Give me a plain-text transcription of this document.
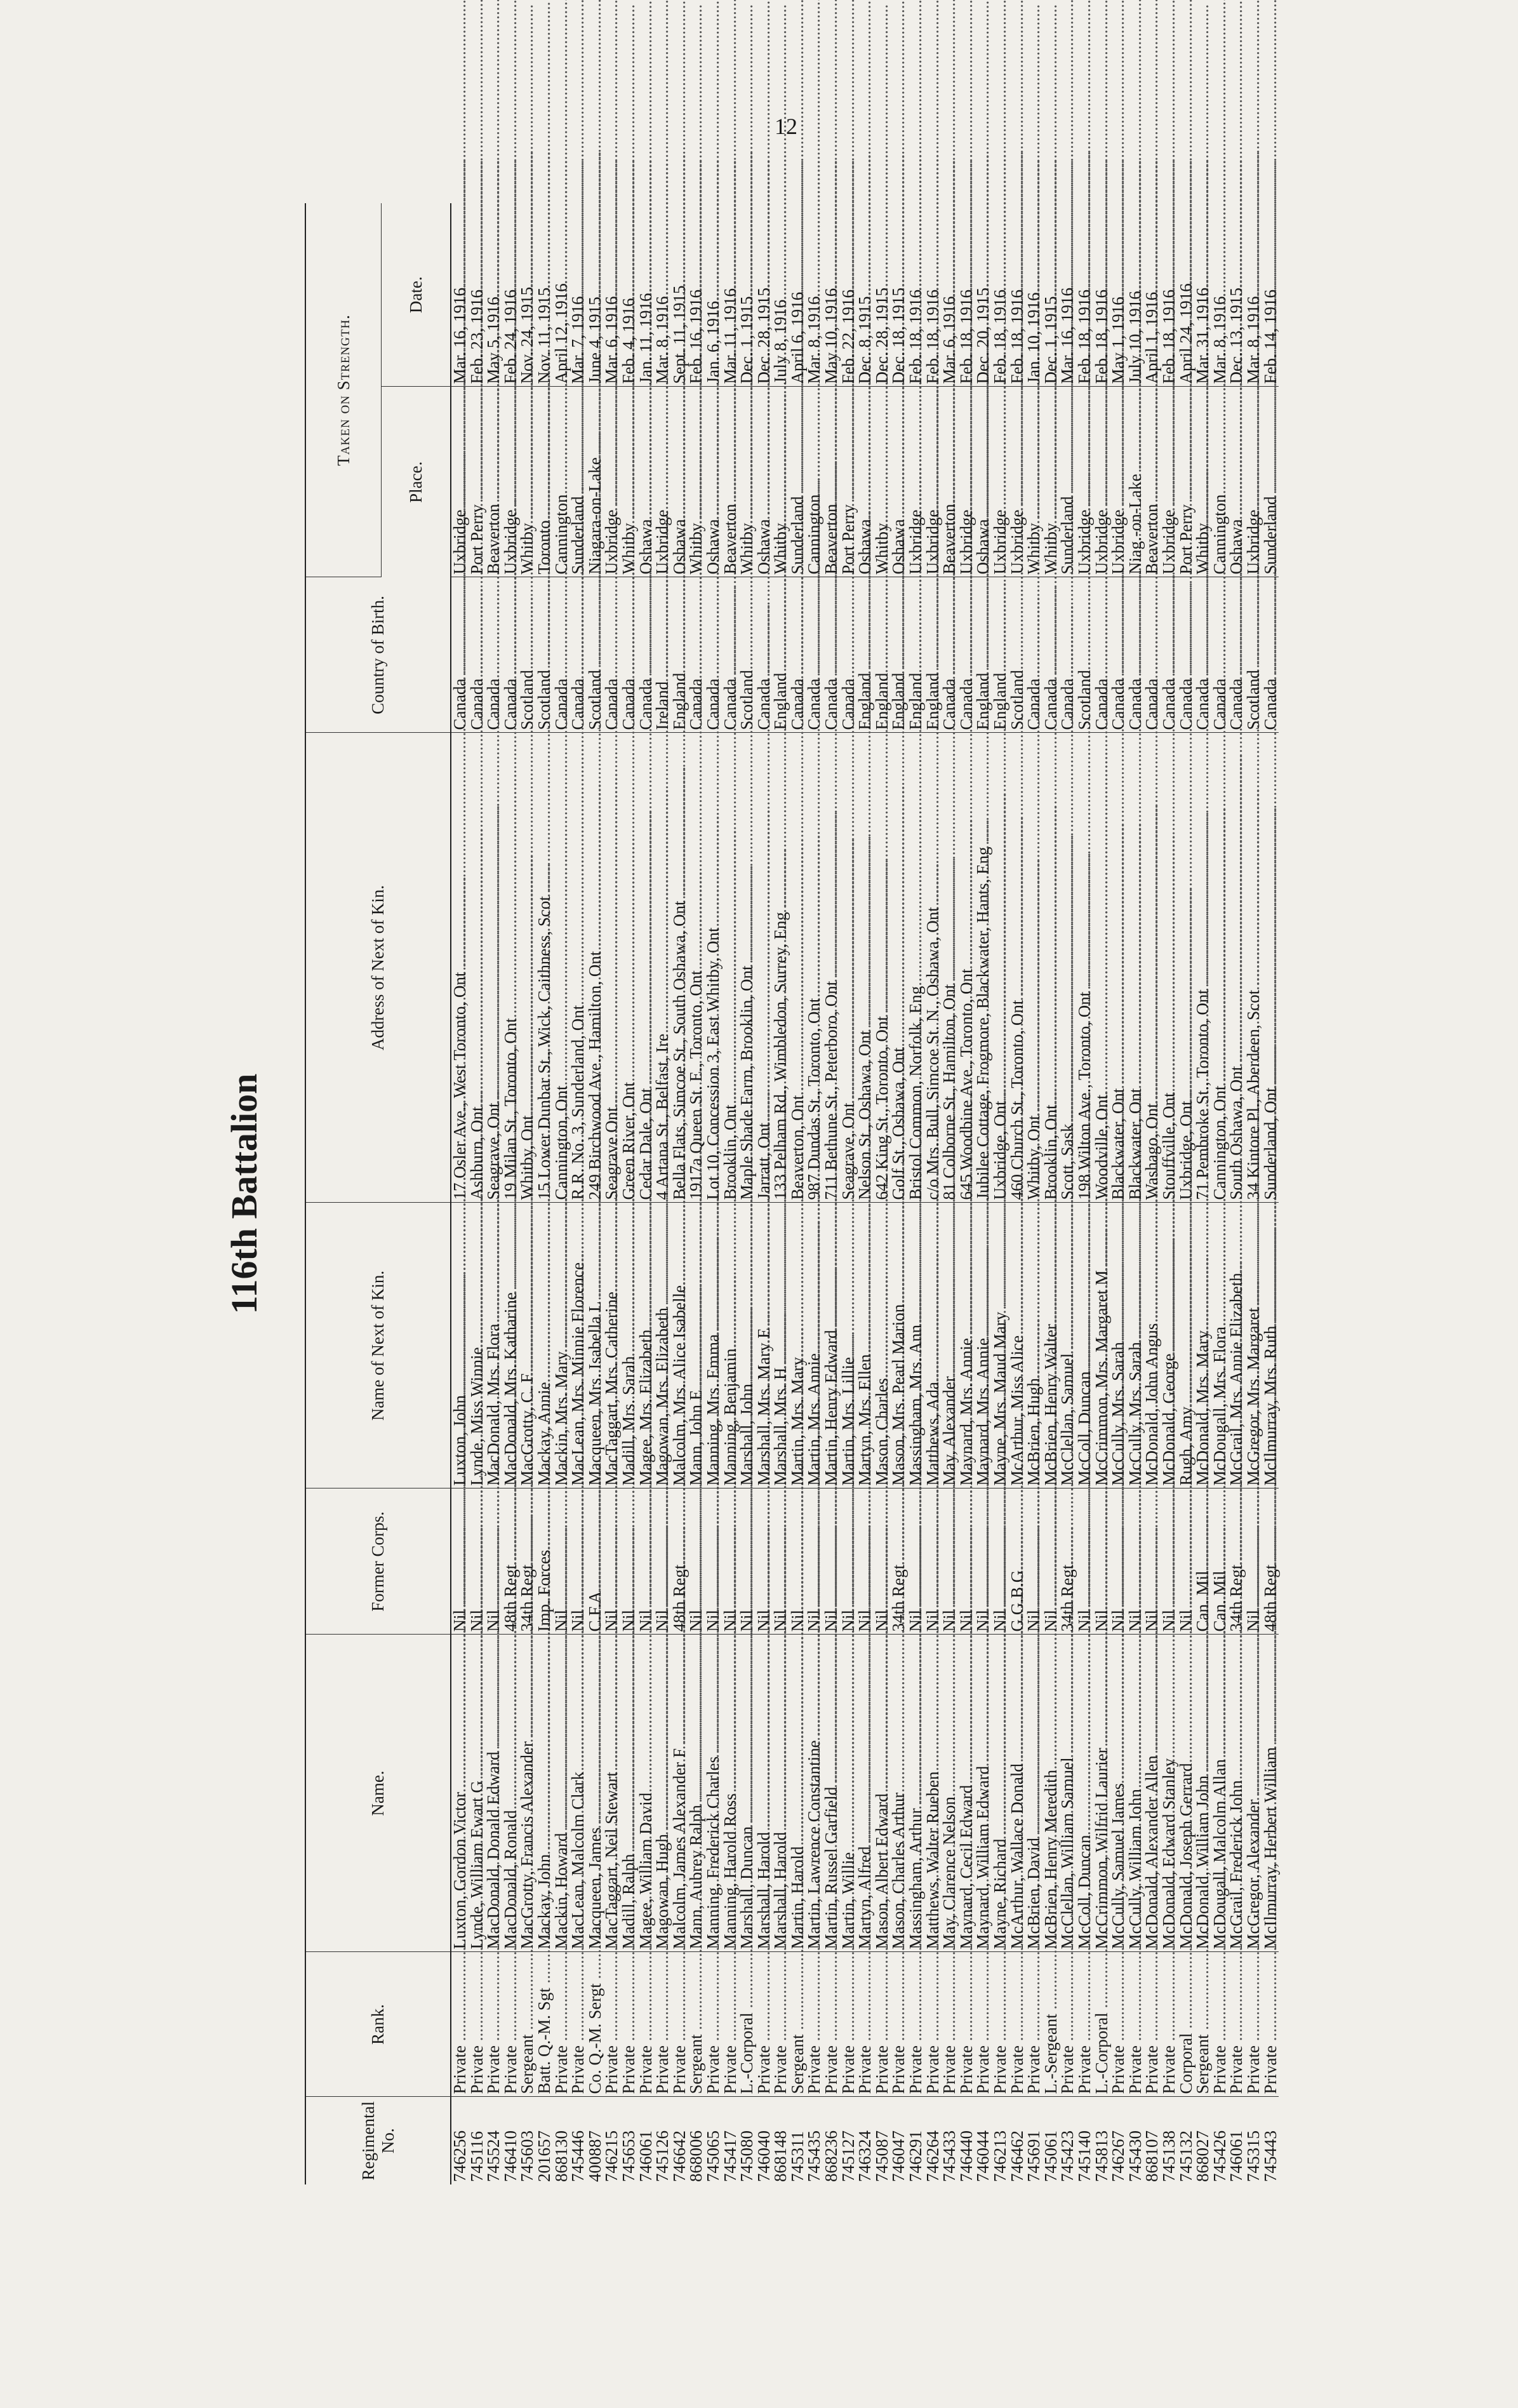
12
116th Battalion
Regimental No.	Rank.	Name.	Former Corps.	Name of Next of Kin.	Address of Next of Kin.	Country of Birth.	Taken on Strength.	
							Place.	Date.
746256	Private .....	Luxton, Gordon Victor .....	Nil .....	Luxton, John .....	17 Osler Ave., West Toronto, Ont .....	Canada .....	Uxbridge .....	Mar. 16, 1916
745116	Private .....	Lynde, William Ewart G .....	Nil .....	Lynde, Miss Winnie .....	Ashburn, Ont .....	Canada .....	Port Perry .....	Feb. 23, 1916
745524	Private .....	MacDonald, Donald Edward .....	Nil .....	MacDonald, Mrs. Flora .....	Seagrave, Ont .....	Canada .....	Beaverton .....	May 5, 1916
746410	Private .....	MacDonald, Ronald .....	48th Regt .....	MacDonald, Mrs. Katharine .....	19 Milan St., Toronto, Ont .....	Canada .....	Uxbridge .....	Feb. 24, 1916
745603	Sergeant .....	MacGrotty, Francis Alexander .....	34th Regt .....	MacGrotty, C. F .....	Whitby, Ont .....	Scotland .....	Whitby .....	Nov. 24, 1915
201657	Batt. Q.-M. Sgt .....	Mackay, John .....	Imp. Forces .....	Mackay, Annie .....	15 Lower Dunbar St., Wick, Caithness, Scot .....	Scotland .....	Toronto .....	Nov. 11, 1915
868130	Private .....	Mackin, Howard .....	Nil .....	Mackin, Mrs. Mary .....	Cannington, Ont .....	Canada .....	Cannington .....	April 12, 1916
745446	Private .....	MacLean, Malcolm Clark .....	Nil .....	MacLean, Mrs. Minnie Florence .....	R.R. No. 3, Sunderland, Ont .....	Canada .....	Sunderland .....	Mar. 7, 1916
400887	Co. Q.-M. Sergt .....	Macqueen, James .....	C.F.A .....	Macqueen, Mrs. Isabella L .....	249 Birchwood Ave., Hamilton, Ont .....	Scotland .....	Niagara-on-Lake .....	June 4, 1915
746215	Private .....	MacTaggart, Neil Stewart .....	Nil .....	MacTaggart, Mrs. Catherine .....	Seagrave Ont .....	Canada .....	Uxbridge .....	Mar. 6, 1916
745653	Private .....	Madill, Ralph .....	Nil .....	Madill, Mrs. Sarah .....	Green River, Ont .....	Canada .....	Whitby .....	Feb. 4, 1916
746061	Private .....	Magee, William David .....	Nil .....	Magee, Mrs. Elizabeth .....	Cedar Dale, Ont .....	Canada .....	Oshawa .....	Jan. 11, 1916
745126	Private .....	Magowan, Hugh .....	Nil .....	Magowan, Mrs. Elizabeth .....	4 Artana St., Belfast, Ire .....	Ireland .....	Uxbridge .....	Mar. 8, 1916
746642	Private .....	Malcolm, James Alexander F .....	48th Regt .....	Malcolm, Mrs. Alice Isabelle .....	Bella Flats, Simcoe St., South Oshawa, Ont .....	England .....	Oshawa .....	Sept. 11, 1915
868006	Sergeant .....	Mann, Aubrey Ralph .....	Nil .....	Mann, John E .....	1917a Queen St. E., Toronto, Ont .....	Canada .....	Whitby .....	Feb. 16, 1916
745065	Private .....	Manning, Frederick Charles .....	Nil .....	Manning, Mrs. Emma .....	Lot 10, Concession 3, East Whitby, Ont .....	Canada .....	Oshawa .....	Jan. 6, 1916
745417	Private .....	Manning, Harold Ross .....	Nil .....	Manning, Benjamin .....	Brooklin, Ont .....	Canada .....	Beaverton .....	Mar. 11, 1916
745080	L.-Corporal .....	Marshall, Duncan .....	Nil .....	Marshall, John .....	Maple Shade Farm, Brooklin, Ont .....	Scotland .....	Whitby .....	Dec. 1, 1915
746040	Private .....	Marshall, Harold .....	Nil .....	Marshall, Mrs. Mary E .....	Jarratt, Ont .....	Canada .....	Oshawa .....	Dec. 28, 1915
868148	Private .....	Marshall, Harold .....	Nil .....	Marshall, Mrs. H .....	133 Pelham Rd., Wimbledon, Surrey, Eng .....	England .....	Whitby .....	July 8, 1916
745311	Sergeant .....	Martin, Harold .....	Nil .....	Martin, Mrs. Mary .....	Beaverton, Ont .....	Canada .....	Sunderland .....	April 6, 1916
745435	Private .....	Martin, Lawrence Constantine .....	Nil .....	Martin, Mrs. Annie .....	987 Dundas St., Toronto, Ont .....	Canada .....	Cannington .....	Mar. 8, 1916
868236	Private .....	Martin, Russel Garfield .....	Nil .....	Martin, Henry Edward .....	711 Bethune St., Peterboro, Ont .....	Canada .....	Beaverton .....	May 10, 1916
745127	Private .....	Martin, Willie .....	Nil .....	Martin, Mrs. Lillie .....	Seagrave, Ont .....	Canada .....	Port Perry .....	Feb. 22, 1916
746324	Private .....	Martyn, Alfred .....	Nil .....	Martyn, Mrs. Ellen .....	Nelson St., Oshawa, Ont .....	England .....	Oshawa .....	Dec. 8, 1915
745087	Private .....	Mason, Albert Edward .....	Nil .....	Mason, Charles .....	642 King St., Toronto, Ont .....	England .....	Whitby .....	Dec. 28, 1915
746047	Private .....	Mason, Charles Arthur .....	34th Regt .....	Mason, Mrs. Pearl Marion .....	Golf St., Oshawa, Ont .....	England .....	Oshawa .....	Dec. 18, 1915
746291	Private .....	Massingham, Arthur .....	Nil .....	Massingham, Mrs. Ann .....	Bristol Common, Norfolk, Eng .....	England .....	Uxbridge .....	Feb. 18, 1916
746264	Private .....	Matthews, Walter Rueben .....	Nil .....	Matthews, Ada .....	c/o Mrs. Bull, Simcoe St. N., Oshawa, Ont .....	England .....	Uxbridge .....	Feb. 18, 1916
745433	Private .....	May, Clarence Nelson .....	Nil .....	May, Alexander .....	81 Colborne St., Hamilton, Ont .....	Canada .....	Beaverton .....	Mar. 6, 1916
746440	Private .....	Maynard, Cecil Edward .....	Nil .....	Maynard, Mrs. Annie .....	645 Woodbine Ave., Toronto, Ont .....	Canada .....	Uxbridge .....	Feb. 18, 1916
746044	Private .....	Maynard, William Edward .....	Nil .....	Maynard, Mrs. Annie .....	Jubilee Cottage, Frogmore, Blackwater, Hants, Eng .....	England .....	Oshawa .....	Dec. 20, 1915
746213	Private .....	Mayne, Richard .....	Nil .....	Mayne, Mrs. Maud Mary .....	Uxbridge, Ont .....	England .....	Uxbridge .....	Feb. 18, 1916
746462	Private .....	McArthur, Wallace Donald .....	G.G.B.G .....	McArthur, Miss Alice .....	460 Church St., Toronto, Ont .....	Scotland .....	Uxbridge .....	Feb. 18, 1916
745691	Private .....	McBrien, David .....	Nil .....	McBrien, Hugh .....	Whitby, Ont .....	Canada .....	Whitby .....	Jan. 10, 1916
745061	L.-Sergeant .....	McBrien, Henry Meredith .....	Nil .....	McBrien, Henry Walter .....	Brooklin, Ont .....	Canada .....	Whitby .....	Dec. 1, 1915
745423	Private .....	McClellan, William Samuel .....	34th Regt .....	McClellan, Samuel .....	Scott, Sask .....	Canada .....	Sunderland .....	Mar. 16, 1916
745140	Private .....	McColl, Duncan .....	Nil .....	McColl, Duncan .....	198 Wilton Ave., Toronto, Ont .....	Scotland .....	Uxbridge .....	Feb. 18, 1916
745813	L.-Corporal .....	McCrimmon, Wilfrid Laurier .....	Nil .....	McCrimmon, Mrs. Margaret M .....	Woodville, Ont .....	Canada .....	Uxbridge .....	Feb. 18, 1916
746267	Private .....	McCully, Samuel James .....	Nil .....	McCully, Mrs. Sarah .....	Blackwater, Ont .....	Canada .....	Uxbridge .....	May 1, 1916
745430	Private .....	McCully, William John .....	Nil .....	McCully, Mrs. Sarah .....	Blackwater, Ont .....	Canada .....	Niag.-on-Lake .....	July 10, 1916
868107	Private .....	McDonald, Alexander Allen .....	Nil .....	McDonald, John Angus .....	Washago, Ont .....	Canada .....	Beaverton .....	April 1, 1916
745138	Private .....	McDonald, Edward Stanley .....	Nil .....	McDonald, George .....	Stouffville, Ont .....	Canada .....	Uxbridge .....	Feb. 18, 1916
745132	Corporal .....	McDonald, Joseph Gerrard .....	Nil .....	Rugh, Amy .....	Uxbridge, Ont .....	Canada .....	Port Perry .....	April 24, 1916
868027	Sergeant .....	McDonald, William John .....	Can. Mil .....	McDonald, Mrs. Mary .....	71 Pembroke St., Toronto, Ont .....	Canada .....	Whitby .....	Mar. 31, 1916
745426	Private .....	McDougall, Malcolm Allan .....	Can. Mil .....	McDougall, Mrs. Flora .....	Cannington, Ont .....	Canada .....	Cannington .....	Mar. 8, 1916
746061	Private .....	McGrail, Frederick John .....	34th Regt .....	McGrail, Mrs. Annie Elizabeth .....	South Oshawa, Ont .....	Canada .....	Oshawa .....	Dec. 13, 1915
745315	Private .....	McGregor, Alexander .....	Nil .....	McGregor, Mrs. Margaret .....	34 Kintore Pl., Aberdeen, Scot .....	Scotland .....	Uxbridge .....	Mar. 8, 1916
745443	Private .....	McIlmurray, Herbert William .....	48th Regt .....	McIlmurray, Mrs. Ruth .....	Sunderland, Ont .....	Canada .....	Sunderland .....	Feb. 14, 1916
